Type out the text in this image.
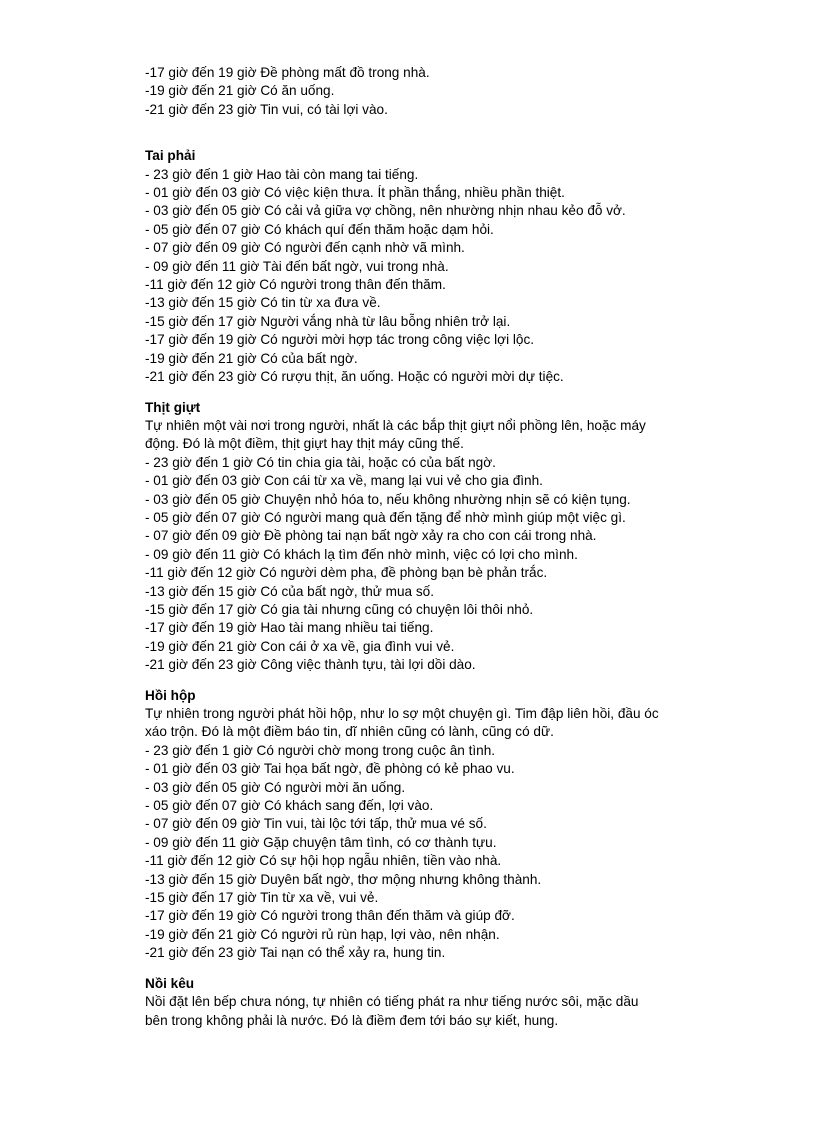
-17 giờ đến 19 giờ Đề phòng mất đồ trong nhà.

-19 giờ đến 21 giờ Có ăn uống.

-21 giờ đến 23 giờ Tin vui, có tài lợi vào.

Tai phải

- 23 giờ đến 1 giờ Hao tài còn mang tai tiếng.

- 01 giờ đến 03 giờ Có việc kiện thưa. Ít phần thắng, nhiều phần thiệt.

- 03 giờ đến 05 giờ Có cải vả giữa vợ chồng, nên nhường nhịn nhau kẻo đỗ vở.

- 05 giờ đến 07 giờ Có khách quí đến thăm hoặc dạm hỏi.

- 07 giờ đến 09 giờ Có người đến cạnh nhờ vã mình.

- 09 giờ đến 11 giờ Tài đến bất ngờ, vui trong nhà.

-11 giờ đến 12 giờ Có người trong thân đến thăm.

-13 giờ đến 15 giờ Có tin từ xa đưa về.

-15 giờ đến 17 giờ Người vắng nhà từ lâu bỗng nhiên trở lại.

-17 giờ đến 19 giờ Có người mời hợp tác trong công việc lợi lộc.

-19 giờ đến 21 giờ Có của bất ngờ.

-21 giờ đến 23 giờ Có rượu thịt, ăn uống. Hoặc có người mời dự tiệc.

Thịt giựt

Tự nhiên một vài nơi trong người, nhất là các bắp thịt giựt nổi phồng lên, hoặc máy

động. Đó là một điềm, thịt giựt hay thịt máy cũng thế.

- 23 giờ đến 1 giờ Có tin chia gia tài, hoặc có của bất ngờ.

- 01 giờ đến 03 giờ Con cái từ xa về, mang lại vui vẻ cho gia đình.

- 03 giờ đến 05 giờ Chuyện nhỏ hóa to, nếu không nhường nhịn sẽ có kiện tụng.

- 05 giờ đến 07 giờ Có người mang quà đến tặng để nhờ mình giúp một việc gì.

- 07 giờ đến 09 giờ Đề phòng tai nạn bất ngờ xảy ra cho con cái trong nhà.

- 09 giờ đến 11 giờ Có khách lạ tìm đến nhờ mình, việc có lợi cho mình.

-11 giờ đến 12 giờ Có người dèm pha, đề phòng bạn bè phản trắc.

-13 giờ đến 15 giờ Có của bất ngờ, thử mua số.

-15 giờ đến 17 giờ Có gia tài nhưng cũng có chuyện lôi thôi nhỏ.

-17 giờ đến 19 giờ Hao tài mang nhiều tai tiếng.

-19 giờ đến 21 giờ Con cái ở xa về, gia đình vui vẻ.

-21 giờ đến 23 giờ Công việc thành tựu, tài lợi dồi dào.

Hồi hộp

Tự nhiên trong người phát hồi hộp, như lo sợ một chuyện gì. Tim đập liên hồi, đầu óc

xáo trộn. Đó là một điềm báo tin, dĩ nhiên cũng có lành, cũng có dữ.

- 23 giờ đến 1 giờ Có người chờ mong trong cuộc ân tình.

- 01 giờ đến 03 giờ Tai họa bất ngờ, đề phòng có kẻ phao vu.

- 03 giờ đến 05 giờ Có người mời ăn uống.

- 05 giờ đến 07 giờ Có khách sang đến, lợi vào.

- 07 giờ đến 09 giờ Tin vui, tài lộc tới tấp, thử mua vé số.

- 09 giờ đến 11 giờ Gặp chuyện tâm tình, có cơ thành tựu.

-11 giờ đến 12 giờ Có sự hội họp ngẫu nhiên, tiền vào nhà.

-13 giờ đến 15 giờ Duyên bất ngờ, thơ mộng nhưng không thành.

-15 giờ đến 17 giờ Tin từ xa về, vui vẻ.

-17 giờ đến 19 giờ Có người trong thân đến thăm và giúp đỡ.

-19 giờ đến 21 giờ Có người rủ rùn hạp, lợi vào, nên nhận.

-21 giờ đến 23 giờ Tai nạn có thể xảy ra, hung tin.

Nồi kêu

Nồi đặt lên bếp chưa nóng, tự nhiên có tiếng phát ra như tiếng nước sôi, mặc dầu

bên trong không phải là nước. Đó là điềm đem tới báo sự kiết, hung.
